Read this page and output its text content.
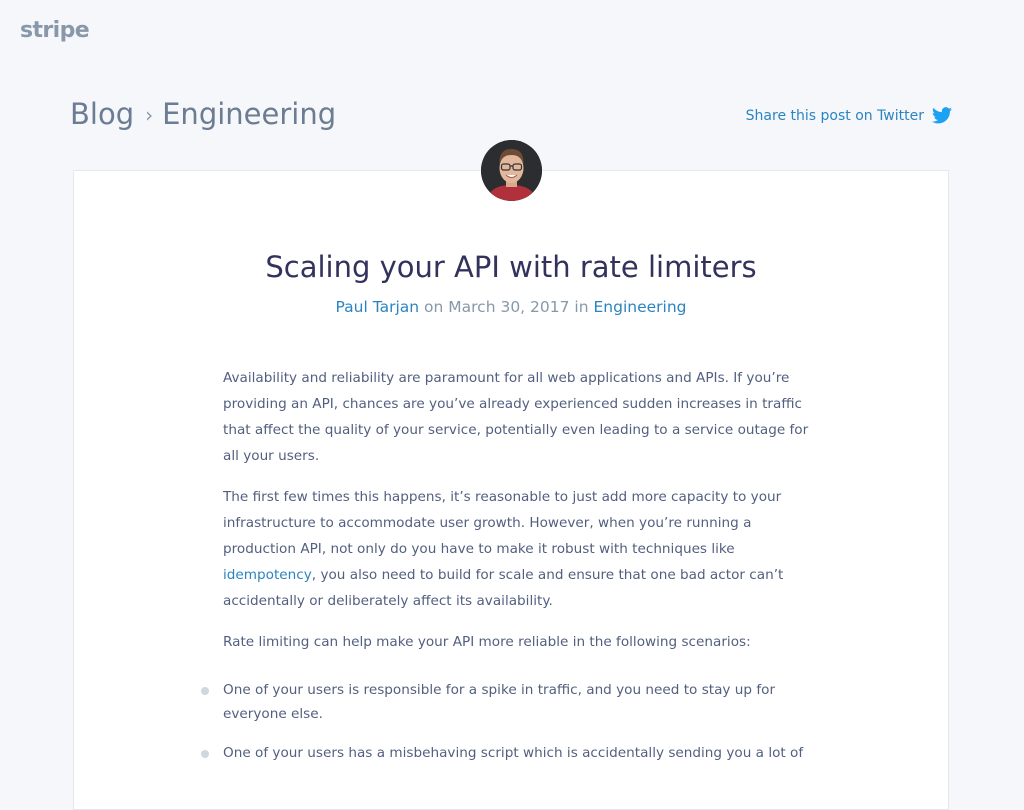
stripe
Blog › Engineering	Share this post on Twitter
Scaling your API with rate limiters
Paul Tarjan on March 30, 2017 in Engineering

Availability and reliability are paramount for all web applications and APIs. If you’re providing an API, chances are you’ve already experienced sudden increases in traffic that affect the quality of your service, potentially even leading to a service outage for all your users.

The first few times this happens, it’s reasonable to just add more capacity to your infrastructure to accommodate user growth. However, when you’re running a production API, not only do you have to make it robust with techniques like idempotency, you also need to build for scale and ensure that one bad actor can’t accidentally or deliberately affect its availability.

Rate limiting can help make your API more reliable in the following scenarios:

One of your users is responsible for a spike in traffic, and you need to stay up for everyone else.
One of your users has a misbehaving script which is accidentally sending you a lot of
